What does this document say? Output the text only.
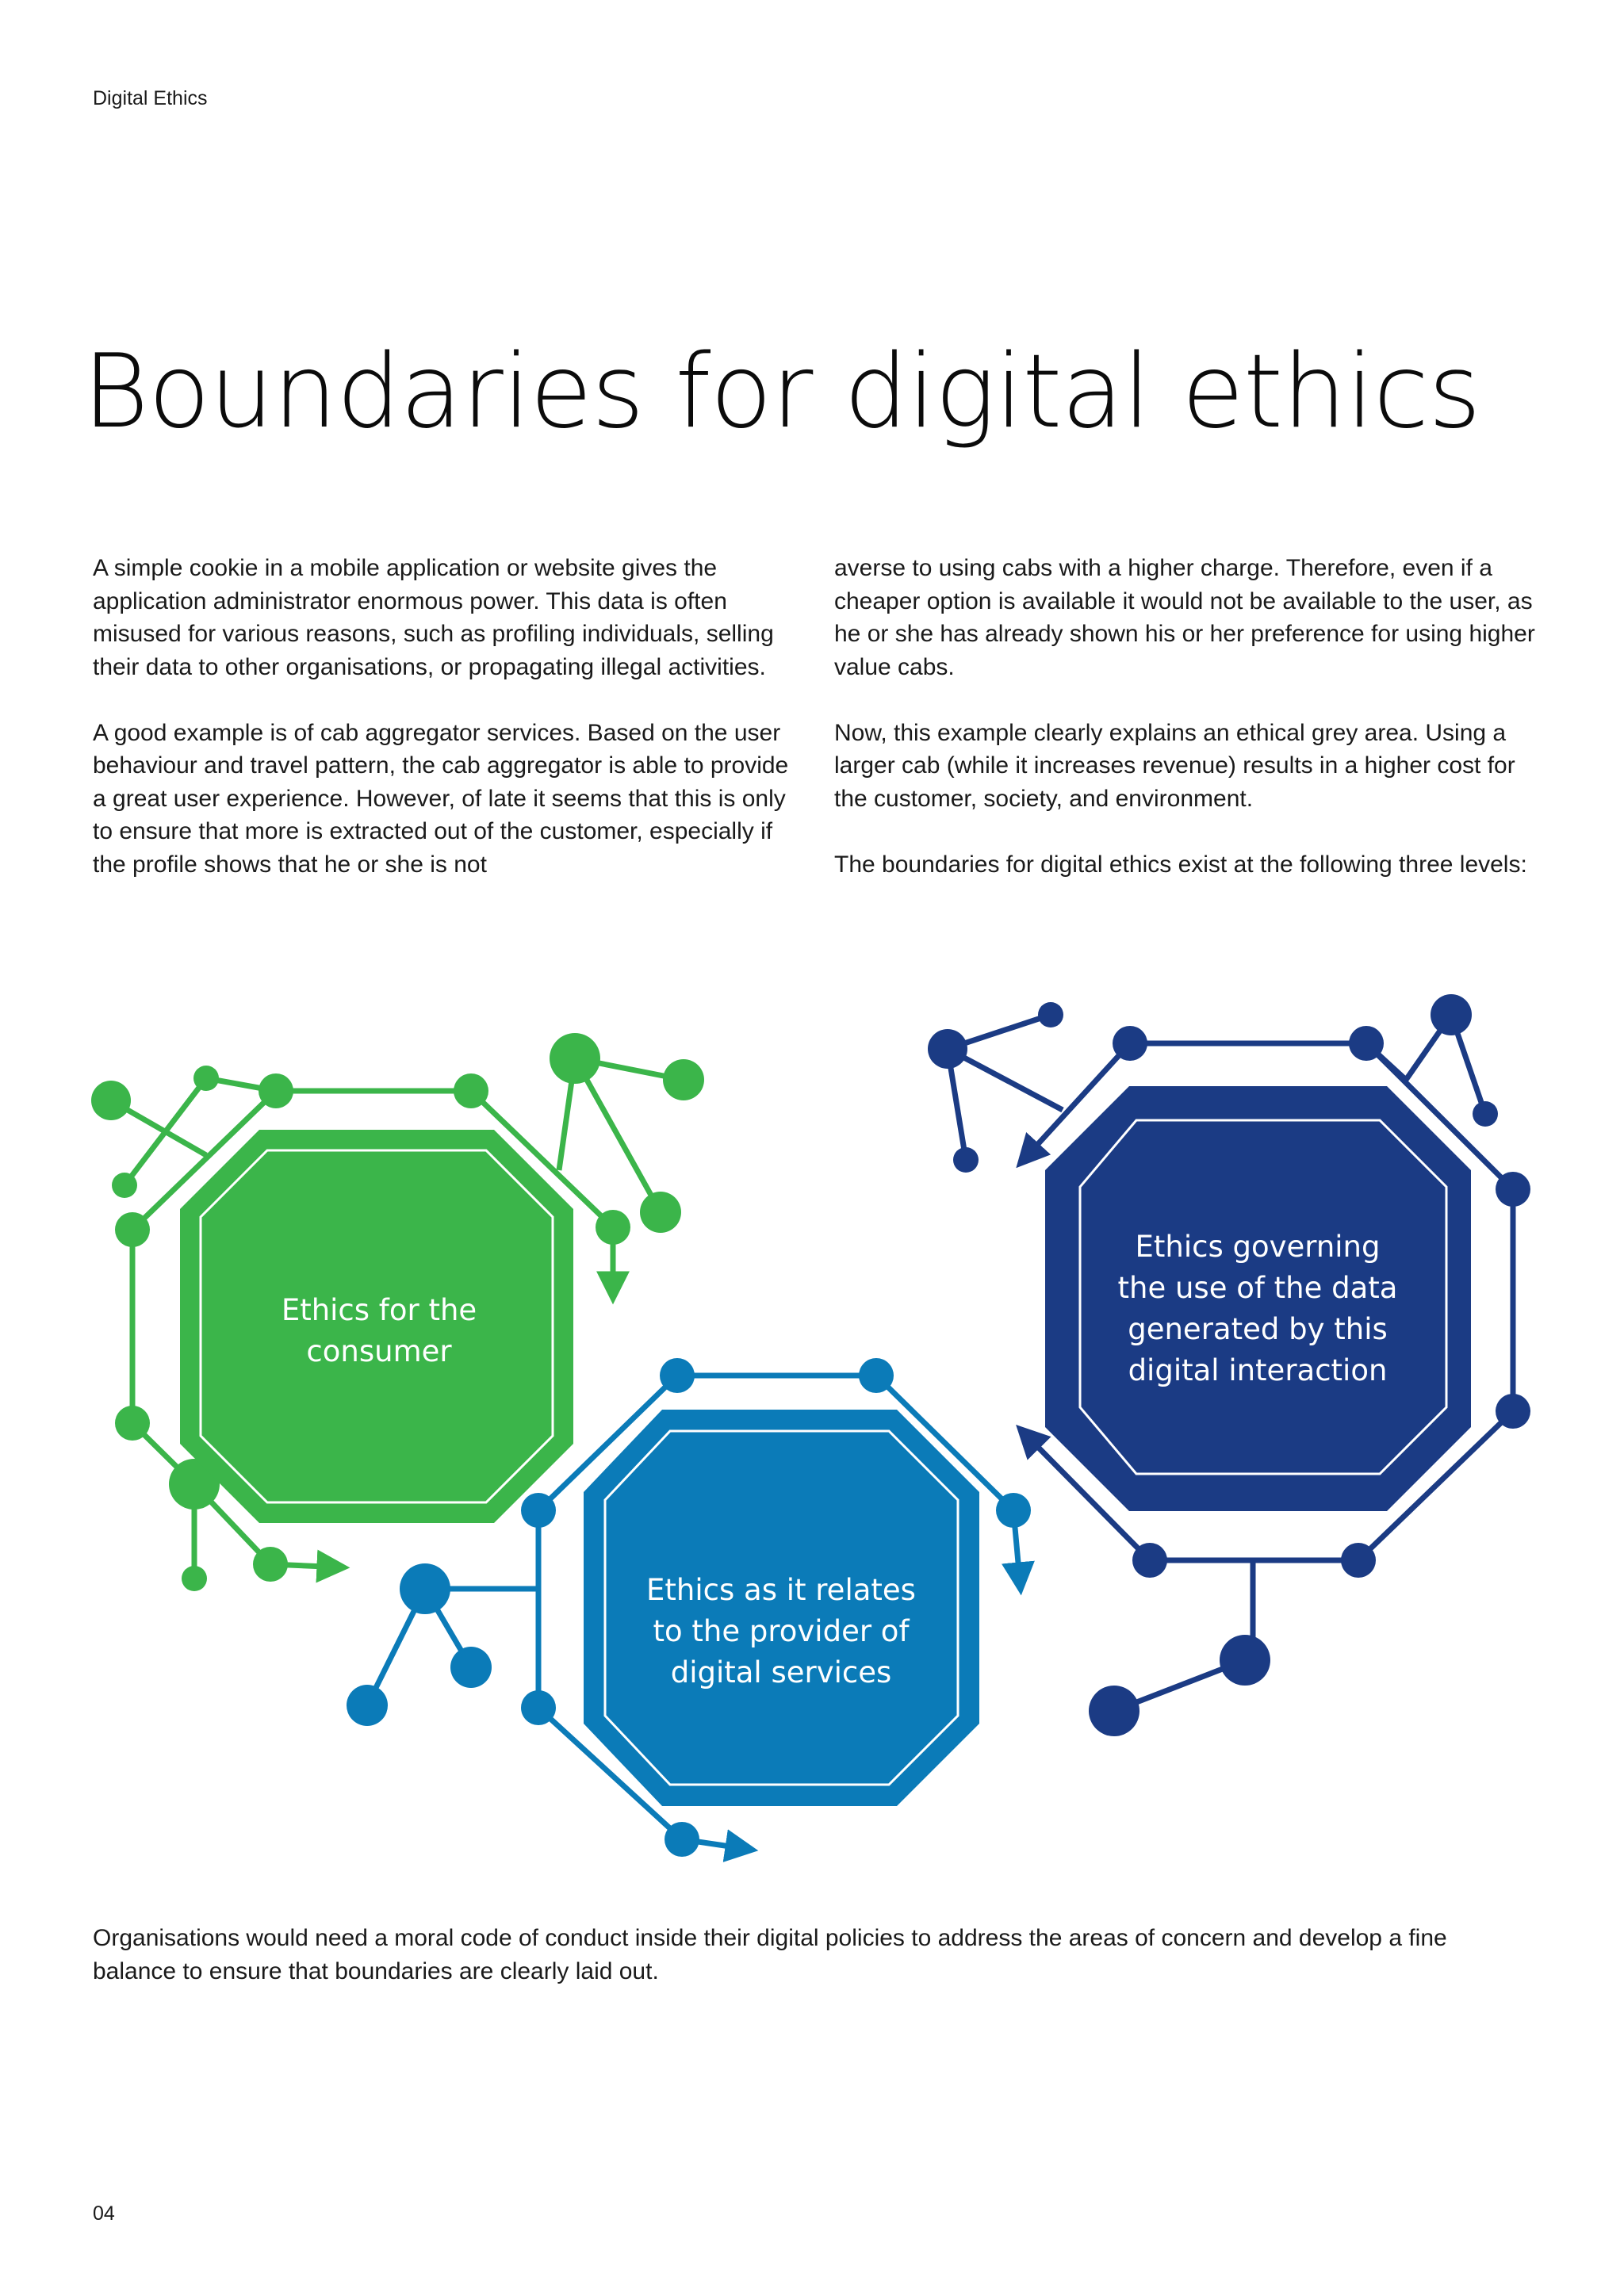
Digital Ethics
Boundaries for digital ethics

A simple cookie in a mobile application or website gives the application administrator enormous power. This data is often misused for various reasons, such as profiling individuals, selling their data to other organisations, or propagating illegal activities.

A good example is of cab aggregator services. Based on the user behaviour and travel pattern, the cab aggregator is able to provide a great user experience. However, of late it seems that this is only to ensure that more is extracted out of the customer, especially if the profile shows that he or she is not

averse to using cabs with a higher charge. Therefore, even if a cheaper option is available it would not be available to the user, as he or she has already shown his or her preference for using higher value cabs.

Now, this example clearly explains an ethical grey area. Using a larger cab (while it increases revenue) results in a higher cost for the customer, society, and environment.

The boundaries for digital ethics exist at the following three levels:

Ethics for the
consumer
Ethics as it relates
to the provider of
digital services
Ethics governing
the use of the data
generated by this
digital interaction

Organisations would need a moral code of conduct inside their digital policies to address the areas of concern and develop a fine balance to ensure that boundaries are clearly laid out.

04
